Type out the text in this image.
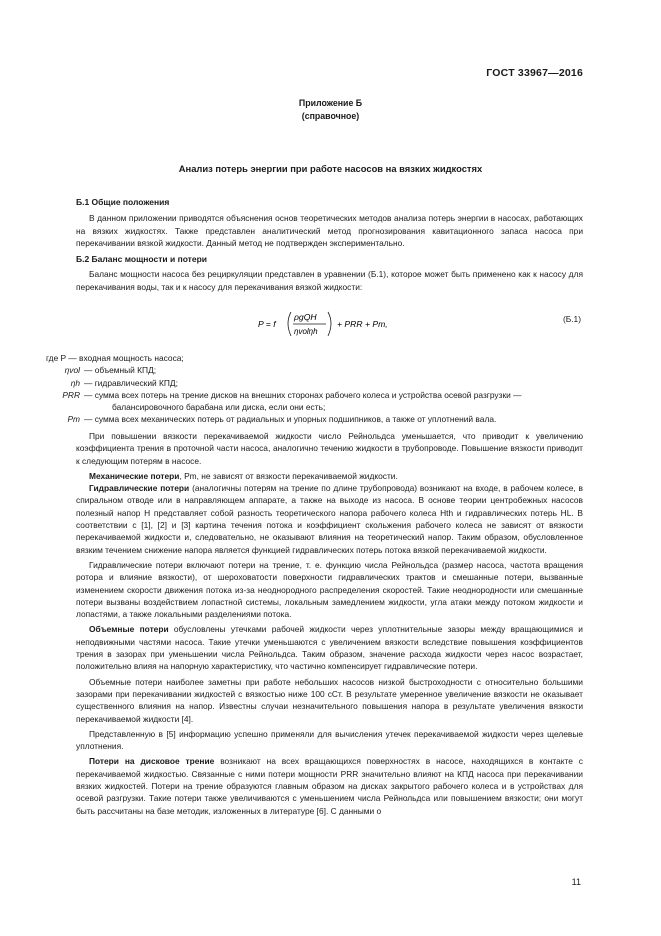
ГОСТ 33967—2016
Приложение Б
(справочное)
Анализ потерь энергии при работе насосов на вязких жидкостях
Б.1 Общие положения

В данном приложении приводятся объяснения основ теоретических методов анализа потерь энергии в насосах, работающих на вязких жидкостях. Также представлен аналитический метод прогнозирования кавитационного запаса насоса при перекачивании вязкой жидкости. Данный метод не подтвержден экспериментально.

Б.2 Баланс мощности и потери

Баланс мощности насоса без рециркуляции представлен в уравнении (Б.1), которое может быть применено как к насосу для перекачивания воды, так и к насосу для перекачивания вязкой жидкости:

P = f
ρgQH
ηvolηh
+ PRR + Pm,	(Б.1)
где P — входная мощность насоса;
ηvol — объемный КПД;
ηh — гидравлический КПД;
PRR — сумма всех потерь на трение дисков на внешних сторонах рабочего колеса и устройства осевой разгрузки —
балансировочного барабана или диска, если они есть;
Pm — сумма всех механических потерь от радиальных и упорных подшипников, а также от уплотнений вала.

При повышении вязкости перекачиваемой жидкости число Рейнольдса уменьшается, что приводит к увеличению коэффициента трения в проточной части насоса, аналогично течению жидкости в трубопроводе. Повышение вязкости приводит к следующим потерям в насосе.

Механические потери, Pm, не зависят от вязкости перекачиваемой жидкости.

Гидравлические потери (аналогичны потерям на трение по длине трубопровода) возникают на входе, в рабочем колесе, в спиральном отводе или в направляющем аппарате, а также на выходе из насоса. В основе теории центробежных насосов полезный напор H представляет собой разность теоретического напора рабочего колеса Hth и гидравлических потерь HL. В соответствии с [1], [2] и [3] картина течения потока и коэффициент скольжения рабочего колеса не зависят от вязкости перекачиваемой жидкости и, следовательно, не оказывают влияния на теоретический напор. Таким образом, обусловленное вязким течением снижение напора является функцией гидравлических потерь потока вязкой перекачиваемой жидкости.

Гидравлические потери включают потери на трение, т. е. функцию числа Рейнольдса (размер насоса, частота вращения ротора и влияние вязкости), от шероховатости поверхности гидравлических трактов и смешанные потери, вызванные изменением скорости движения потока из-за неоднородного распределения скоростей. Такие неоднородности или смешанные потери вызваны воздействием лопастной системы, локальным замедлением жидкости, угла атаки между потоком жидкости и лопастями, а также локальными разделениями потока.

Объемные потери обусловлены утечками рабочей жидкости через уплотнительные зазоры между вращающимися и неподвижными частями насоса. Такие утечки уменьшаются с увеличением вязкости вследствие повышения коэффициентов трения в зазорах при уменьшении числа Рейнольдса. Таким образом, значение расхода жидкости через насос возрастает, положительно влияя на напорную характеристику, что частично компенсирует гидравлические потери.

Объемные потери наиболее заметны при работе небольших насосов низкой быстроходности с относительно большими зазорами при перекачивании жидкостей с вязкостью ниже 100 сСт. В результате умеренное увеличение вязкости не оказывает существенного влияния на напор. Известны случаи незначительного повышения напора в результате увеличения вязкости перекачиваемой жидкости [4].

Представленную в [5] информацию успешно применяли для вычисления утечек перекачиваемой жидкости через щелевые уплотнения.

Потери на дисковое трение возникают на всех вращающихся поверхностях в насосе, находящихся в контакте с перекачиваемой жидкостью. Связанные с ними потери мощности PRR значительно влияют на КПД насоса при перекачивании вязких жидкостей. Потери на трение образуются главным образом на дисках закрытого рабочего колеса и в устройствах для осевой разгрузки. Такие потери также увеличиваются с уменьшением числа Рейнольдса или повышением вязкости; они могут быть рассчитаны на базе методик, изложенных в литературе [6]. С данными о

11
